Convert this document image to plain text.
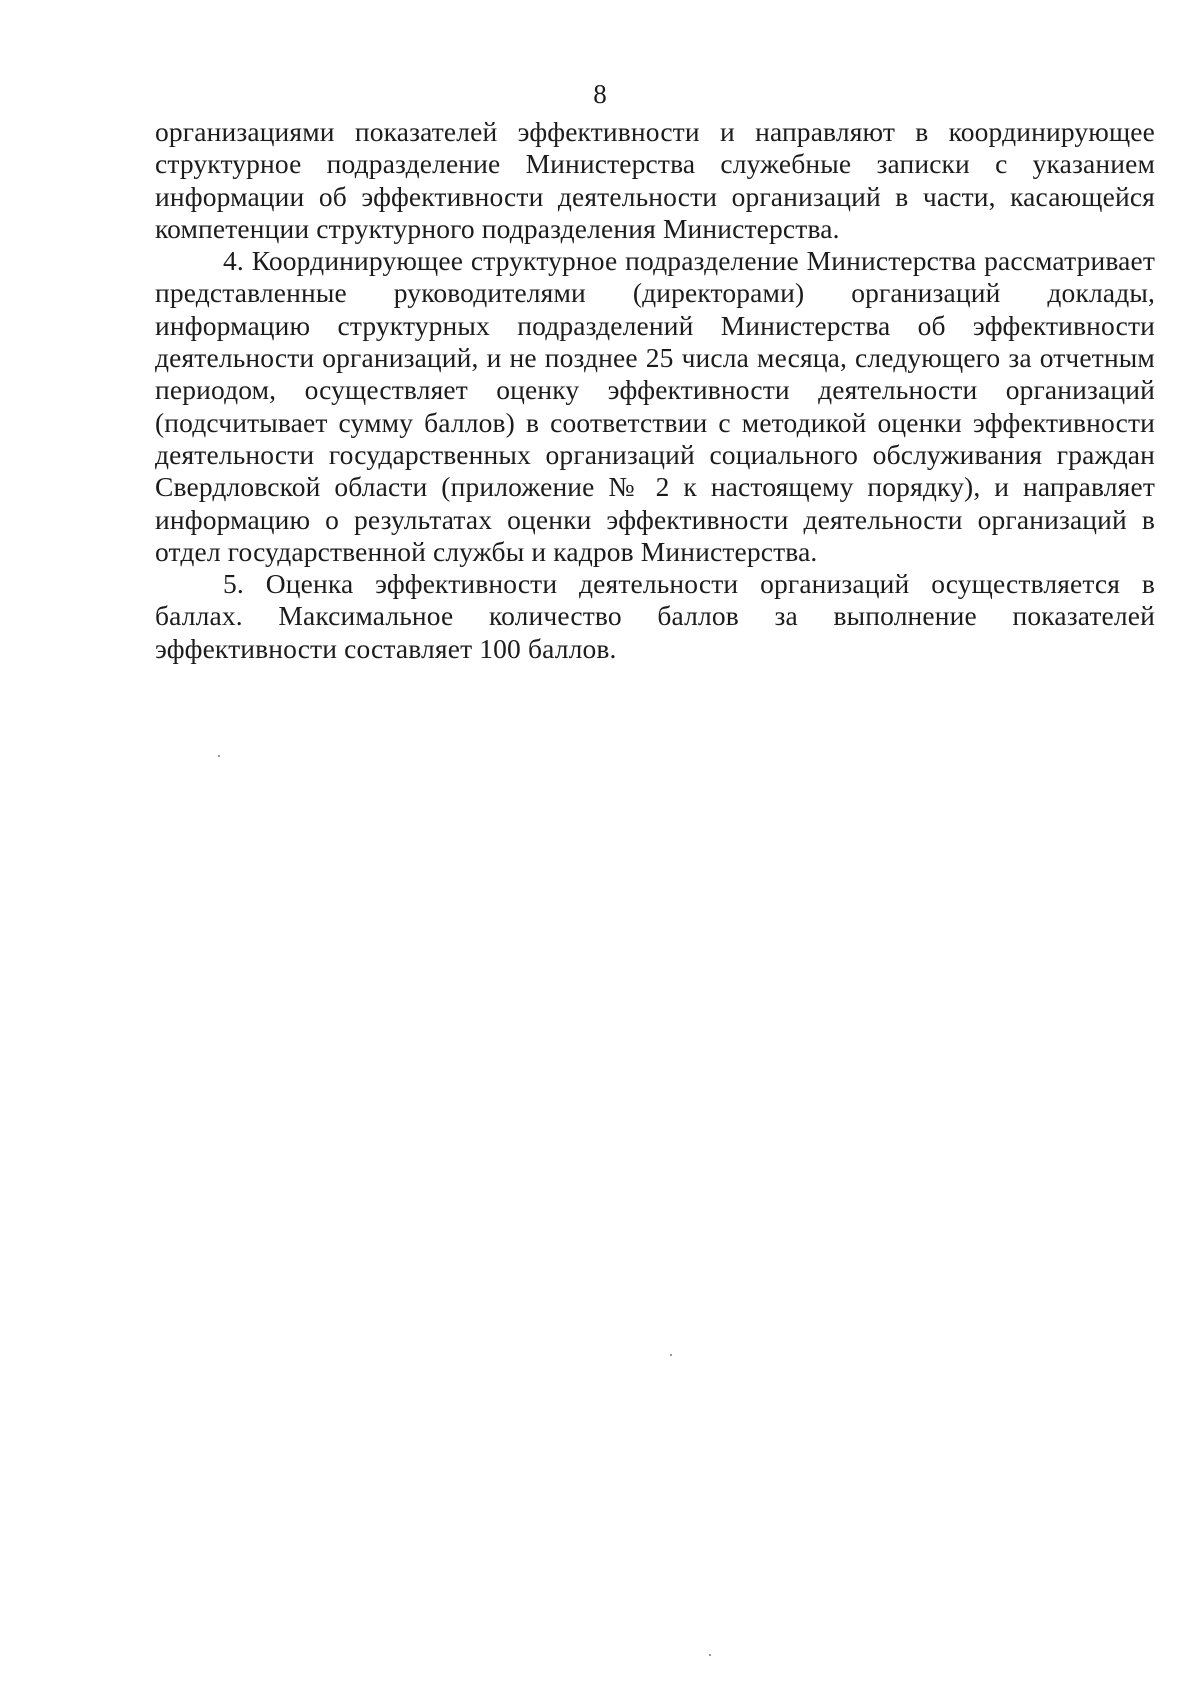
8

организациями показателей эффективности и направляют в координирующее структурное подразделение Министерства служебные записки с указанием информации об эффективности деятельности организаций в части, касающейся компетенции структурного подразделения Министерства.

4. Координирующее структурное подразделение Министерства рассматривает представленные руководителями (директорами) организаций доклады, информацию структурных подразделений Министерства об эффективности деятельности организаций, и не позднее 25 числа месяца, следующего за отчетным периодом, осуществляет оценку эффективности деятельности организаций (подсчитывает сумму баллов) в соответствии с методикой оценки эффективности деятельности государственных организаций социального обслуживания граждан Свердловской области (приложение № 2 к настоящему порядку), и направляет информацию о результатах оценки эффективности деятельности организаций в отдел государственной службы и кадров Министерства.

5. Оценка эффективности деятельности организаций осуществляется в баллах. Максимальное количество баллов за выполнение показателей эффективности составляет 100 баллов.
